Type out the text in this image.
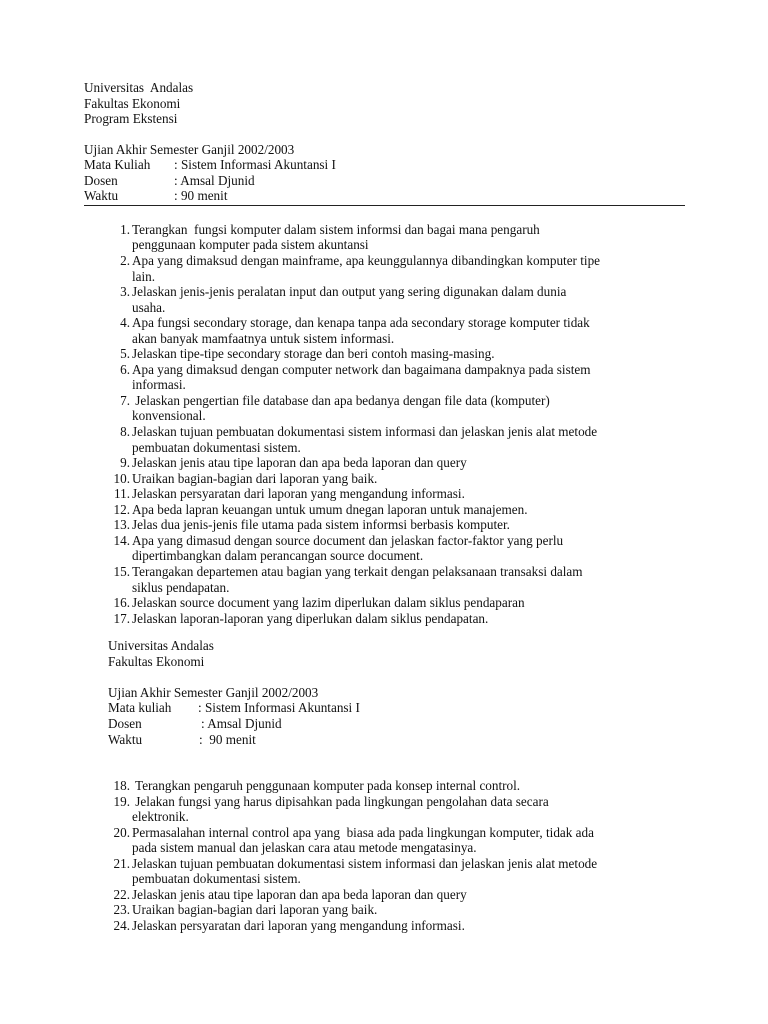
Universitas  Andalas
Fakultas Ekonomi
Program Ekstensi
Ujian Akhir Semester Ganjil 2002/2003
Mata Kuliah : Sistem Informasi Akuntansi I
Dosen	: Amsal Djunid
Waktu	: 90 menit
1. Terangkan  fungsi komputer dalam sistem informsi dan bagai mana pengaruh
penggunaan komputer pada sistem akuntansi
2. Apa yang dimaksud dengan mainframe, apa keunggulannya dibandingkan komputer tipe
lain.
3. Jelaskan jenis-jenis peralatan input dan output yang sering digunakan dalam dunia
usaha.
4. Apa fungsi secondary storage, dan kenapa tanpa ada secondary storage komputer tidak
akan banyak mamfaatnya untuk sistem informasi.
5. Jelaskan tipe-tipe secondary storage dan beri contoh masing-masing.
6. Apa yang dimaksud dengan computer network dan bagaimana dampaknya pada sistem
informasi.
7. Jelaskan pengertian file database dan apa bedanya dengan file data (komputer)
konvensional.
8. Jelaskan tujuan pembuatan dokumentasi sistem informasi dan jelaskan jenis alat metode
pembuatan dokumentasi sistem.
9. Jelaskan jenis atau tipe laporan dan apa beda laporan dan query
10. Uraikan bagian-bagian dari laporan yang baik.
11. Jelaskan persyaratan dari laporan yang mengandung informasi.
12. Apa beda lapran keuangan untuk umum dnegan laporan untuk manajemen.
13. Jelas dua jenis-jenis file utama pada sistem informsi berbasis komputer.
14. Apa yang dimasud dengan source document dan jelaskan factor-faktor yang perlu
dipertimbangkan dalam perancangan source document.
15. Terangakan departemen atau bagian yang terkait dengan pelaksanaan transaksi dalam
siklus pendapatan.
16. Jelaskan source document yang lazim diperlukan dalam siklus pendaparan
17. Jelaskan laporan-laporan yang diperlukan dalam siklus pendapatan.
Universitas Andalas
Fakultas Ekonomi
Ujian Akhir Semester Ganjil 2002/2003
Mata kuliah : Sistem Informasi Akuntansi I
Dosen	: Amsal Djunid
Waktu	:  90 menit
18. Terangkan pengaruh penggunaan komputer pada konsep internal control.
19. Jelakan fungsi yang harus dipisahkan pada lingkungan pengolahan data secara
elektronik.
20. Permasalahan internal control apa yang  biasa ada pada lingkungan komputer, tidak ada
pada sistem manual dan jelaskan cara atau metode mengatasinya.
21. Jelaskan tujuan pembuatan dokumentasi sistem informasi dan jelaskan jenis alat metode
pembuatan dokumentasi sistem.
22. Jelaskan jenis atau tipe laporan dan apa beda laporan dan query
23. Uraikan bagian-bagian dari laporan yang baik.
24. Jelaskan persyaratan dari laporan yang mengandung informasi.
